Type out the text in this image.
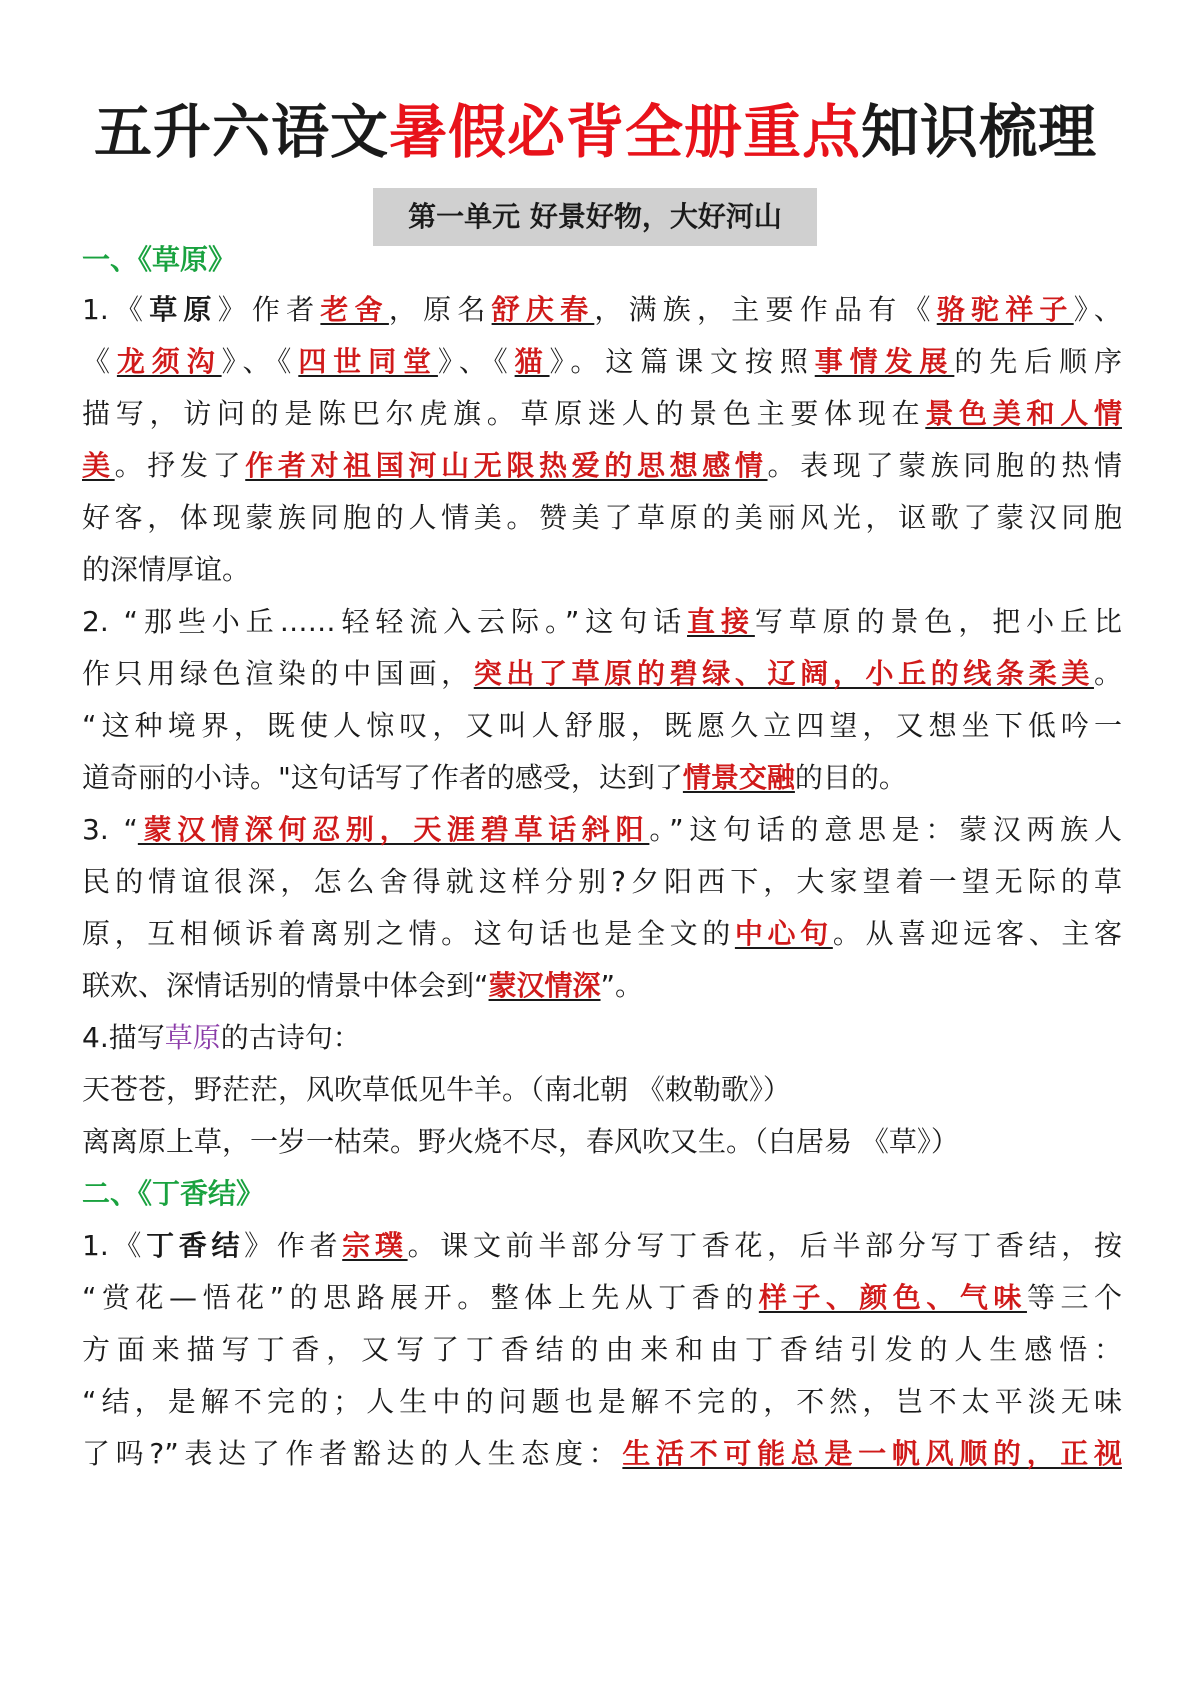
五升六语文暑假必背全册重点知识梳理
第一单元 好景好物，大好河山
一、《草原》
1.《草原》作者老舍，原名舒庆春，满族，主要作品有《骆驼祥子》、
《龙须沟》、《四世同堂》、《猫》。这篇课文按照事情发展的先后顺序
描写，访问的是陈巴尔虎旗。草原迷人的景色主要体现在景色美和人情
美。抒发了作者对祖国河山无限热爱的思想感情。表现了蒙族同胞的热情
好客，体现蒙族同胞的人情美。赞美了草原的美丽风光，讴歌了蒙汉同胞
的深情厚谊。
2. “那些小丘……轻轻流入云际。”这句话直接写草原的景色，把小丘比
作只用绿色渲染的中国画，突出了草原的碧绿、辽阔，小丘的线条柔美。
“这种境界，既使人惊叹，又叫人舒服，既愿久立四望，又想坐下低吟一
道奇丽的小诗。"这句话写了作者的感受，达到了情景交融的目的。
3. “蒙汉情深何忍别，天涯碧草话斜阳。”这句话的意思是：蒙汉两族人
民的情谊很深，怎么舍得就这样分别?夕阳西下，大家望着一望无际的草
原，互相倾诉着离别之情。这句话也是全文的中心句。从喜迎远客、主客
联欢、深情话别的情景中体会到“蒙汉情深”。
4.描写草原的古诗句：
天苍苍，野茫茫，风吹草低见牛羊。（南北朝 《敕勒歌》）
离离原上草，一岁一枯荣。野火烧不尽，春风吹又生。（白居易 《草》）
二、《丁香结》
1.《丁香结》作者宗璞。课文前半部分写丁香花，后半部分写丁香结，按
“赏花—悟花”的思路展开。整体上先从丁香的样子、颜色、气味等三个
方面来描写丁香，又写了丁香结的由来和由丁香结引发的人生感悟：
“结，是解不完的；人生中的问题也是解不完的，不然，岂不太平淡无味
了吗?”表达了作者豁达的人生态度：生活不可能总是一帆风顺的，正视
